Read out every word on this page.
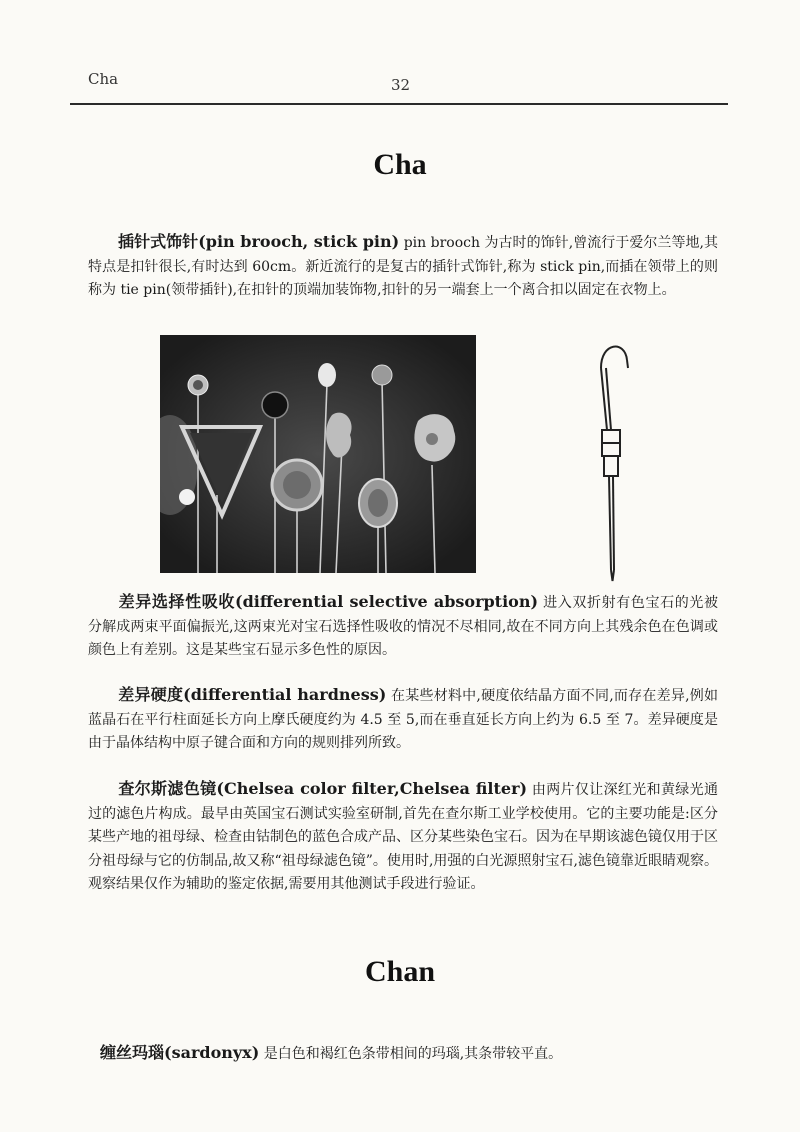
Cha	32
Cha

插针式饰针(pin brooch, stick pin) pin brooch 为古时的饰针,曾流行于爱尔兰等地,其特点是扣针很长,有时达到 60cm。新近流行的是复古的插针式饰针,称为 stick pin,而插在领带上的则称为 tie pin(领带插针),在扣针的顶端加装饰物,扣针的另一端套上一个离合扣以固定在衣物上。

差异选择性吸收(differential selective absorption) 进入双折射有色宝石的光被分解成两束平面偏振光,这两束光对宝石选择性吸收的情况不尽相同,故在不同方向上其残余色在色调或颜色上有差别。这是某些宝石显示多色性的原因。

差异硬度(differential hardness) 在某些材料中,硬度依结晶方面不同,而存在差异,例如蓝晶石在平行柱面延长方向上摩氏硬度约为 4.5 至 5,而在垂直延长方向上约为 6.5 至 7。差异硬度是由于晶体结构中原子键合面和方向的规则排列所致。

查尔斯滤色镜(Chelsea color filter,Chelsea filter) 由两片仅让深红光和黄绿光通过的滤色片构成。最早由英国宝石测试实验室研制,首先在查尔斯工业学校使用。它的主要功能是:区分某些产地的祖母绿、检查由钴制色的蓝色合成产品、区分某些染色宝石。因为在早期该滤色镜仅用于区分祖母绿与它的仿制品,故又称“祖母绿滤色镜”。使用时,用强的白光源照射宝石,滤色镜靠近眼睛观察。观察结果仅作为辅助的鉴定依据,需要用其他测试手段进行验证。

Chan

缠丝玛瑙(sardonyx) 是白色和褐红色条带相间的玛瑙,其条带较平直。
